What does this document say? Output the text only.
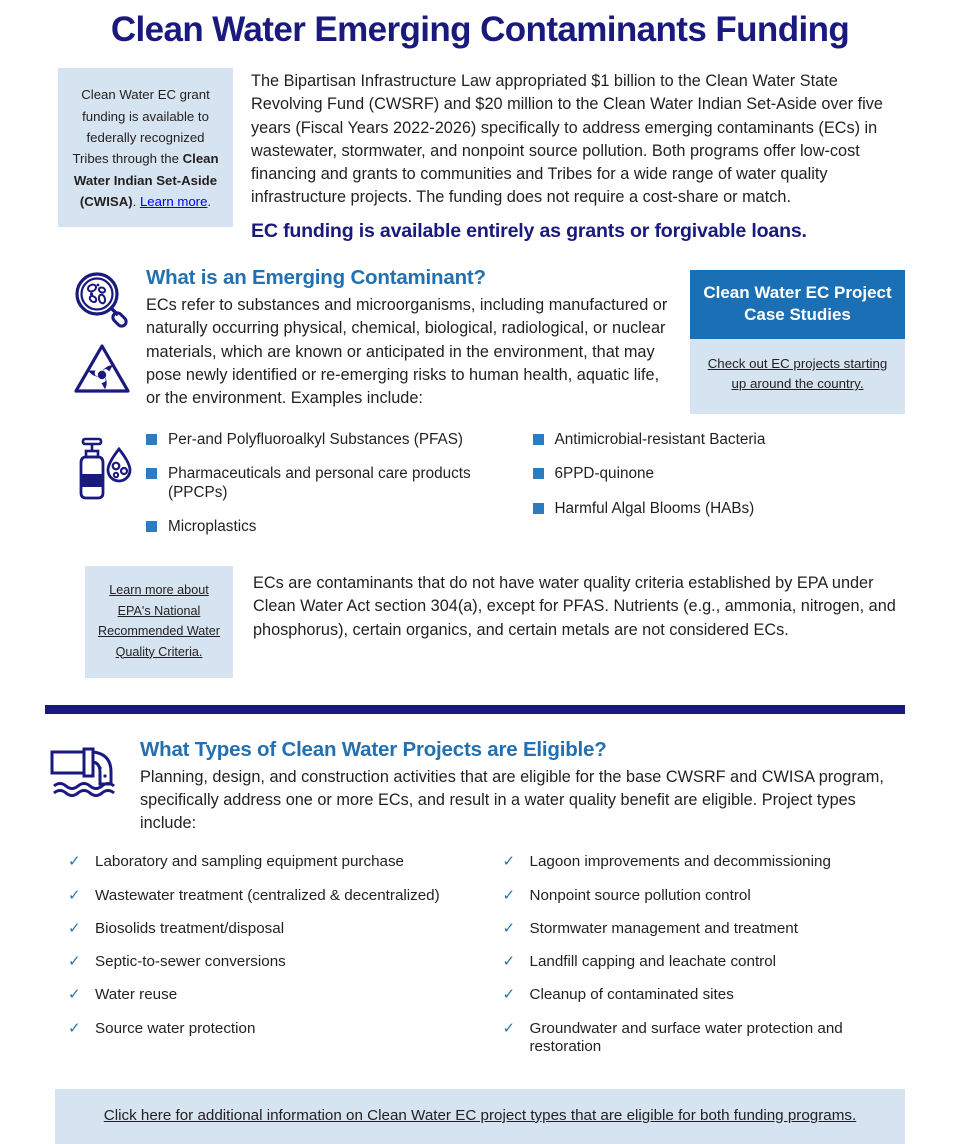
Clean Water Emerging Contaminants Funding
Clean Water EC grant funding is available to federally recognized Tribes through the Clean Water Indian Set-Aside (CWISA). Learn more.

The Bipartisan Infrastructure Law appropriated $1 billion to the Clean Water State Revolving Fund (CWSRF) and $20 million to the Clean Water Indian Set-Aside over five years (Fiscal Years 2022-2026) specifically to address emerging contaminants (ECs) in wastewater, stormwater, and nonpoint source pollution. Both programs offer low-cost financing and grants to communities and Tribes for a wide range of water quality infrastructure projects. The funding does not require a cost-share or match.

EC funding is available entirely as grants or forgivable loans.

What is an Emerging Contaminant?
ECs refer to substances and microorganisms, including manufactured or naturally occurring physical, chemical, biological, radiological, or nuclear materials, which are known or anticipated in the environment, that may pose newly identified or re-emerging risks to human health, aquatic life, or the environment. Examples include:
Clean Water EC Project Case Studies
Check out EC projects starting up around the country.
Per-and Polyfluoroalkyl Substances (PFAS)
Pharmaceuticals and personal care products (PPCPs)
Microplastics
Antimicrobial-resistant Bacteria
6PPD-quinone
Harmful Algal Blooms (HABs)
Learn more about EPA's National Recommended Water Quality Criteria.
ECs are contaminants that do not have water quality criteria established by EPA under Clean Water Act section 304(a), except for PFAS. Nutrients (e.g., ammonia, nitrogen, and phosphorus), certain organics, and certain metals are not considered ECs.
What Types of Clean Water Projects are Eligible?
Planning, design, and construction activities that are eligible for the base CWSRF and CWISA program, specifically address one or more ECs, and result in a water quality benefit are eligible. Project types include:
✓ Laboratory and sampling equipment purchase
✓ Wastewater treatment (centralized & decentralized)
✓ Biosolids treatment/disposal
✓ Septic-to-sewer conversions
✓ Water reuse
✓ Source water protection
✓ Lagoon improvements and decommissioning
✓ Nonpoint source pollution control
✓ Stormwater management and treatment
✓ Landfill capping and leachate control
✓ Cleanup of contaminated sites
✓ Groundwater and surface water protection and restoration
Click here for additional information on Clean Water EC project types that are eligible for both funding programs.
